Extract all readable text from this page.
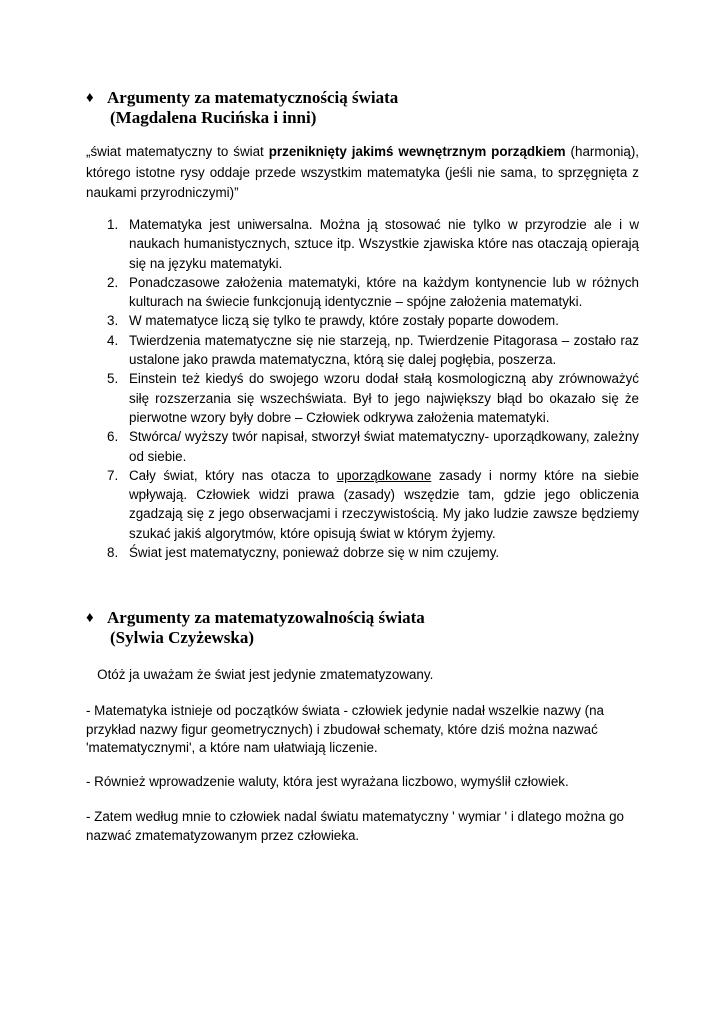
♦ Argumenty za matematycznością świata
(Magdalena Rucińska i inni)
„świat matematyczny to świat przeniknięty jakimś wewnętrznym porządkiem (harmonią), którego istotne rysy oddaje przede wszystkim matematyka (jeśli nie sama, to sprzęgnięta z naukami przyrodniczymi)”
1. Matematyka jest uniwersalna. Można ją stosować nie tylko w przyrodzie ale i w naukach humanistycznych, sztuce itp. Wszystkie zjawiska które nas otaczają opierają się na języku matematyki.
2. Ponadczasowe założenia matematyki, które na każdym kontynencie lub w różnych kulturach na świecie funkcjonują identycznie – spójne założenia matematyki.
3. W matematyce liczą się tylko te prawdy, które zostały poparte dowodem.
4. Twierdzenia matematyczne się nie starzeją, np. Twierdzenie Pitagorasa – zostało raz ustalone jako prawda matematyczna, którą się dalej pogłębia, poszerza.
5. Einstein też kiedyś do swojego wzoru dodał stałą kosmologiczną aby zrównoważyć siłę rozszerzania się wszechświata. Był to jego największy błąd bo okazało się że pierwotne wzory były dobre – Człowiek odkrywa założenia matematyki.
6. Stwórca/ wyższy twór napisał, stworzył świat matematyczny- uporządkowany, zależny od siebie.
7. Cały świat, który nas otacza to uporządkowane zasady i normy które na siebie wpływają. Człowiek widzi prawa (zasady) wszędzie tam, gdzie jego obliczenia zgadzają się z jego obserwacjami i rzeczywistością. My jako ludzie zawsze będziemy szukać jakiś algorytmów, które opisują świat w którym żyjemy.
8. Świat jest matematyczny, ponieważ dobrze się w nim czujemy.
♦ Argumenty za matematyzowalnością świata
(Sylwia Czyżewska)
Otóż ja uważam że świat jest jedynie zmatematyzowany.
- Matematyka istnieje od początków świata - człowiek jedynie nadał wszelkie nazwy (na przykład nazwy figur geometrycznych) i zbudował schematy, które dziś można nazwać 'matematycznymi', a które nam ułatwiają liczenie.
- Również wprowadzenie waluty, która jest wyrażana liczbowo, wymyślił człowiek.
- Zatem według mnie to człowiek nadal światu matematyczny ' wymiar ' i dlatego można go nazwać zmatematyzowanym przez człowieka.
